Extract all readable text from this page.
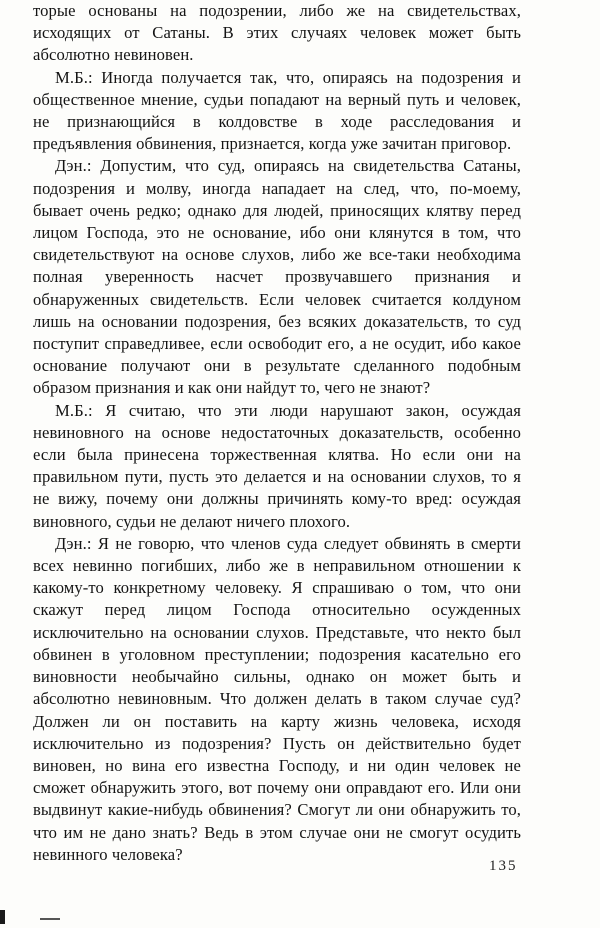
торые основаны на подозрении, либо же на свидетельствах, исходящих от Сатаны. В этих случаях человек может быть абсолютно невиновен.

М.Б.: Иногда получается так, что, опираясь на подозрения и общественное мнение, судьи попадают на верный путь и человек, не признающийся в колдовстве в ходе расследования и предъявления обвинения, признается, когда уже зачитан приговор.

Дэн.: Допустим, что суд, опираясь на свидетельства Сатаны, подозрения и молву, иногда нападает на след, что, по-моему, бывает очень редко; однако для людей, приносящих клятву перед лицом Господа, это не основание, ибо они клянутся в том, что свидетельствуют на основе слухов, либо же все-таки необходима полная уверенность насчет прозвучавшего признания и обнаруженных свидетельств. Если человек считается колдуном лишь на основании подозрения, без всяких доказательств, то суд поступит справедливее, если освободит его, а не осудит, ибо какое основание получают они в результате сделанного подобным образом признания и как они найдут то, чего не знают?

М.Б.: Я считаю, что эти люди нарушают закон, осуждая невиновного на основе недостаточных доказательств, особенно если была принесена торжественная клятва. Но если они на правильном пути, пусть это делается и на основании слухов, то я не вижу, почему они должны причинять кому-то вред: осуждая виновного, судьи не делают ничего плохого.

Дэн.: Я не говорю, что членов суда следует обвинять в смерти всех невинно погибших, либо же в неправильном отношении к какому-то конкретному человеку. Я спрашиваю о том, что они скажут перед лицом Господа относительно осужденных исключительно на основании слухов. Представьте, что некто был обвинен в уголовном преступлении; подозрения касательно его виновности необычайно сильны, однако он может быть и абсолютно невиновным. Что должен делать в таком случае суд? Должен ли он поставить на карту жизнь человека, исходя исключительно из подозрения? Пусть он действительно будет виновен, но вина его известна Господу, и ни один человек не сможет обнаружить этого, вот почему они оправдают его. Или они выдвинут какие-нибудь обвинения? Смогут ли они обнаружить то, что им не дано знать? Ведь в этом случае они не смогут осудить невинного человека?

135
